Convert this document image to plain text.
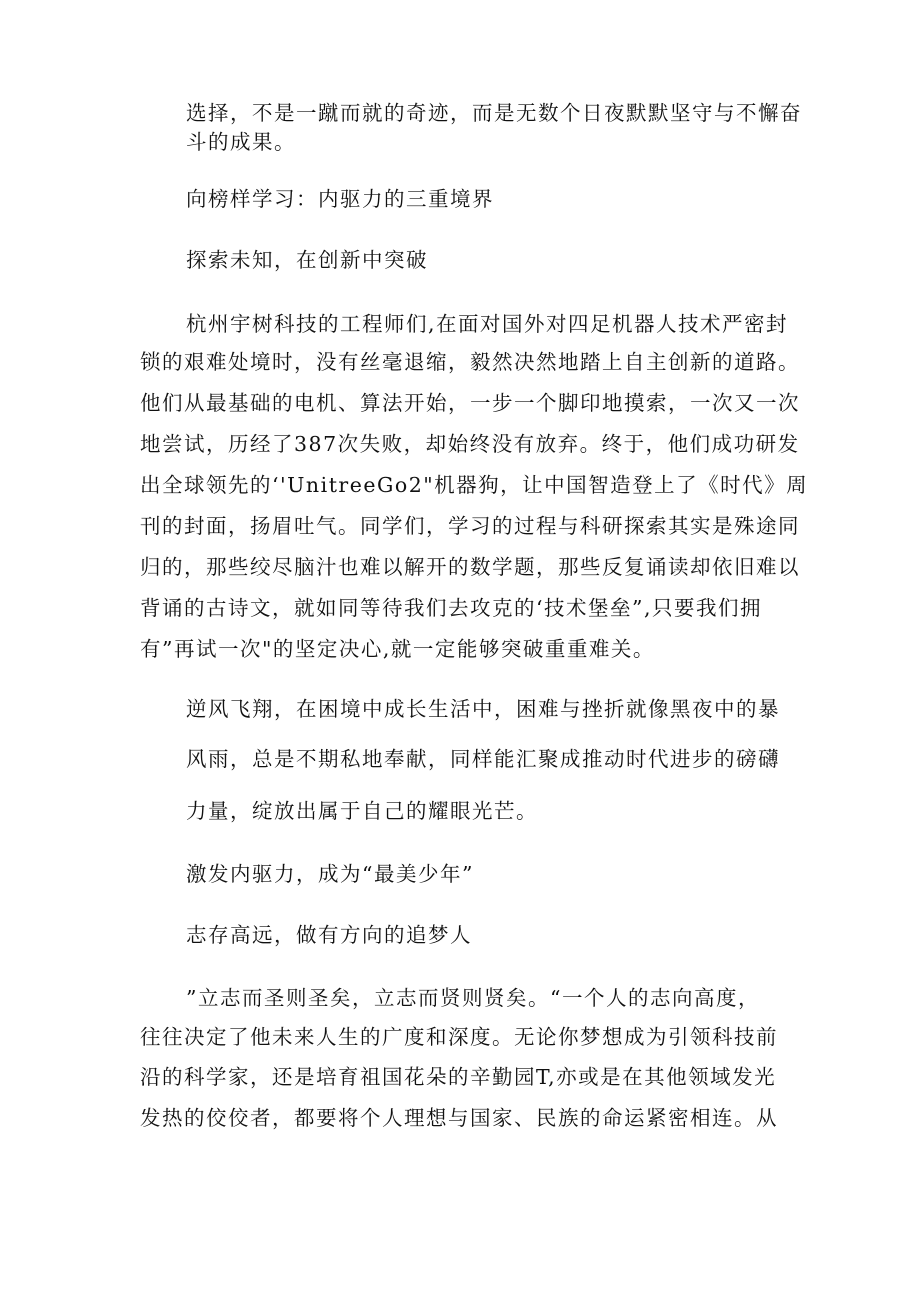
选择，不是一蹴而就的奇迹，而是无数个日夜默默坚守与不懈奋
斗的成果。
向榜样学习：内驱力的三重境界
探索未知，在创新中突破
杭州宇树科技的工程师们,在面对国外对四足机器人技术严密封
锁的艰难处境时，没有丝毫退缩，毅然决然地踏上自主创新的道路。
他们从最基础的电机、算法开始，一步一个脚印地摸索，一次又一次
地尝试，历经了387次失败，却始终没有放弃。终于，他们成功研发
出全球领先的‘'UnitreeGo2"机器狗，让中国智造登上了《时代》周
刊的封面，扬眉吐气。同学们，学习的过程与科研探索其实是殊途同
归的，那些绞尽脑汁也难以解开的数学题，那些反复诵读却依旧难以
背诵的古诗文，就如同等待我们去攻克的‘技术堡垒”,只要我们拥
有”再试一次"的坚定决心,就一定能够突破重重难关。
逆风飞翔，在困境中成长生活中，困难与挫折就像黑夜中的暴
风雨，总是不期私地奉献，同样能汇聚成推动时代进步的磅礴
力量，绽放出属于自己的耀眼光芒。
激发内驱力，成为“最美少年”
志存高远，做有方向的追梦人
”立志而圣则圣矣，立志而贤则贤矣。“一个人的志向高度，
往往决定了他未来人生的广度和深度。无论你梦想成为引领科技前
沿的科学家，还是培育祖国花朵的辛勤园T,亦或是在其他领域发光
发热的佼佼者，都要将个人理想与国家、民族的命运紧密相连。从
